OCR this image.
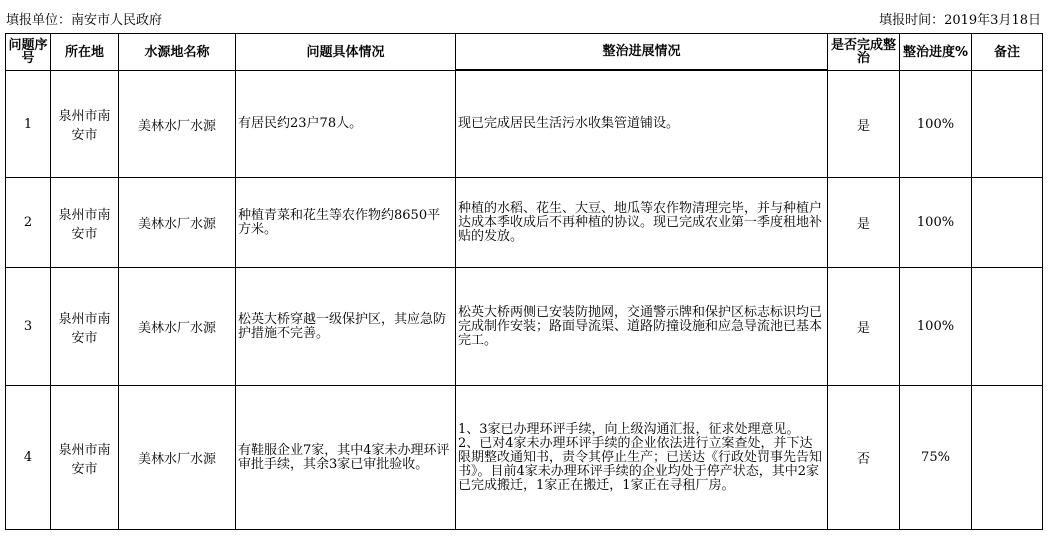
填报单位：南安市人民政府	填报时间：2019年3月18日
问题序号	所在地	水源地名称	问题具体情况	整治进展情况	是否完成整治	整治进度%	备注

1	泉州市南安市	美林水厂水源	有居民约23户78人。	现已完成居民生活污水收集管道铺设。	是	100%	
2	泉州市南安市	美林水厂水源	种植青菜和花生等农作物约8650平方米。	种植的水稻、花生、大豆、地瓜等农作物清理完毕，并与种植户达成本季收成后不再种植的协议。现已完成农业第一季度租地补贴的发放。	是	100%	
3	泉州市南安市	美林水厂水源	松英大桥穿越一级保护区，其应急防护措施不完善。	松英大桥两侧已安装防抛网，交通警示牌和保护区标志标识均已完成制作安装；路面导流渠、道路防撞设施和应急导流池已基本完工。	是	100%	
4	泉州市南安市	美林水厂水源	有鞋服企业7家，其中4家未办理环评审批手续，其余3家已审批验收。	1、3家已办理环评手续，向上级沟通汇报，征求处理意见。
2、已对4家未办理环评手续的企业依法进行立案查处，并下达限期整改通知书，责令其停止生产；已送达《行政处罚事先告知书》。目前4家未办理环评手续的企业均处于停产状态，其中2家已完成搬迁，1家正在搬迁，1家正在寻租厂房。	否	75%	
